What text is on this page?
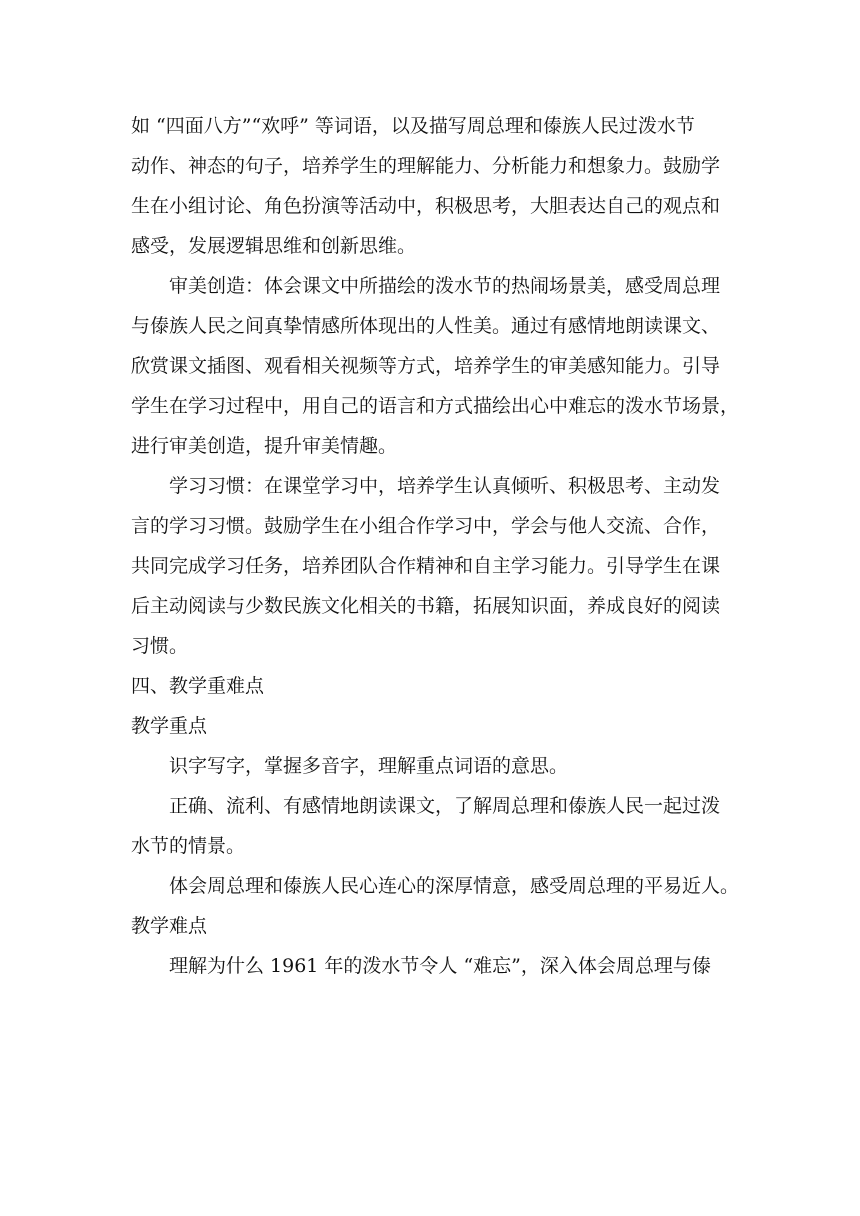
如 “四面八方”“欢呼” 等词语，以及描写周总理和傣族人民过泼水节
动作、神态的句子，培养学生的理解能力、分析能力和想象力。鼓励学
生在小组讨论、角色扮演等活动中，积极思考，大胆表达自己的观点和
感受，发展逻辑思维和创新思维。
审美创造：体会课文中所描绘的泼水节的热闹场景美，感受周总理
与傣族人民之间真挚情感所体现出的人性美。通过有感情地朗读课文、
欣赏课文插图、观看相关视频等方式，培养学生的审美感知能力。引导
学生在学习过程中，用自己的语言和方式描绘出心中难忘的泼水节场景，
进行审美创造，提升审美情趣。
学习习惯：在课堂学习中，培养学生认真倾听、积极思考、主动发
言的学习习惯。鼓励学生在小组合作学习中，学会与他人交流、合作，
共同完成学习任务，培养团队合作精神和自主学习能力。引导学生在课
后主动阅读与少数民族文化相关的书籍，拓展知识面，养成良好的阅读
习惯。
四、教学重难点
教学重点
识字写字，掌握多音字，理解重点词语的意思。
正确、流利、有感情地朗读课文，了解周总理和傣族人民一起过泼
水节的情景。
体会周总理和傣族人民心连心的深厚情意，感受周总理的平易近人。
教学难点
理解为什么 1961 年的泼水节令人 “难忘”，深入体会周总理与傣
